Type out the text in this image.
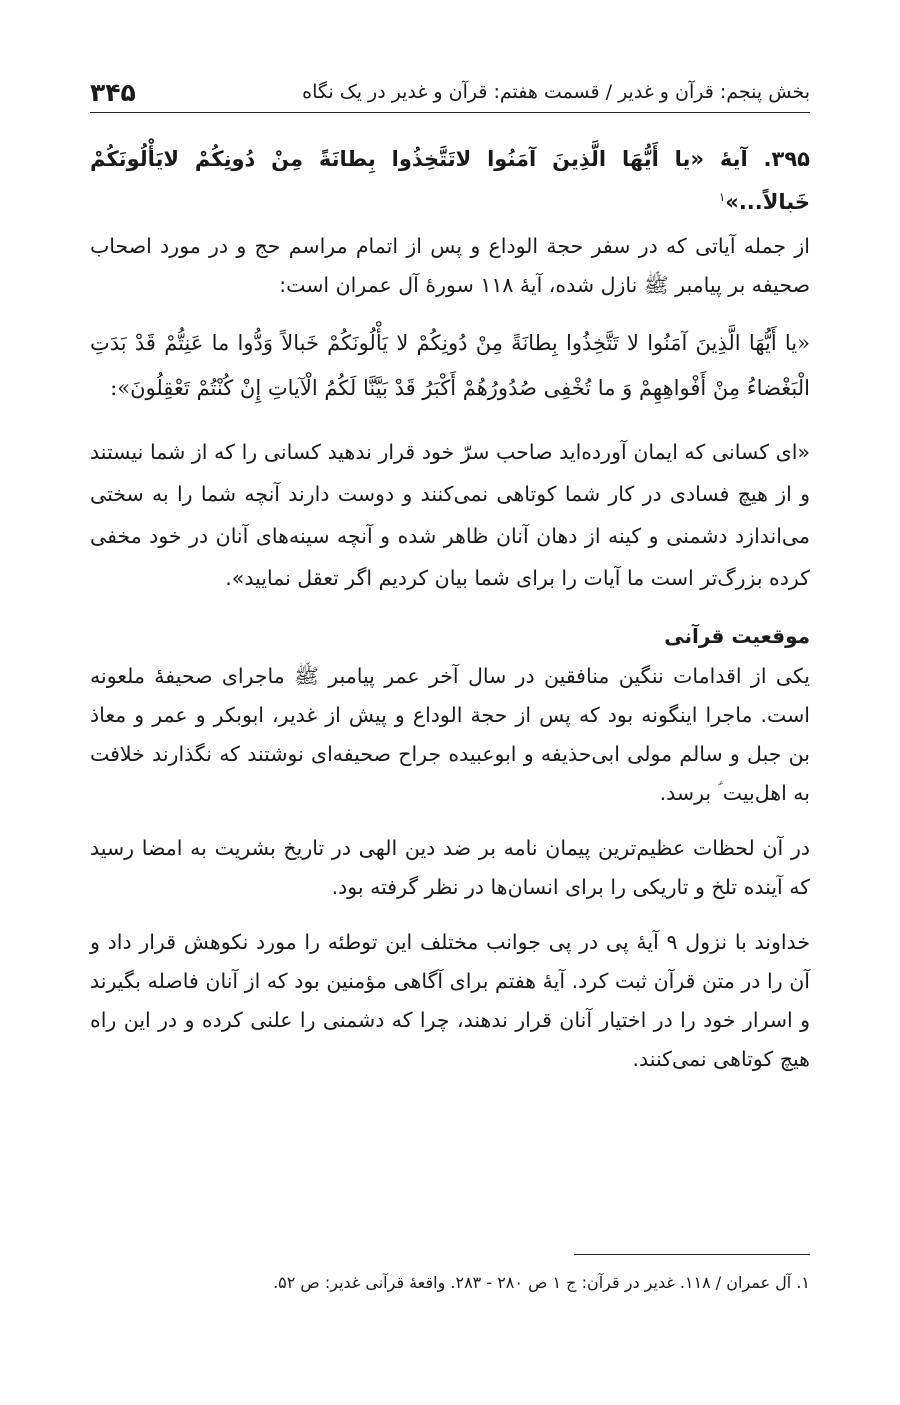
بخش پنجم: قرآن و غدیر / قسمت هفتم: قرآن و غدیر در یک نگاه
۳۴۵
۳۹۵. آیهٔ «یا أَیُّهَا الَّذِینَ آمَنُوا لاتَتَّخِذُوا بِطانَةً مِنْ دُونِكُمْ لایَأْلُونَكُمْ خَبالاً...»$^۱$

از جمله آیاتی که در سفر حجة الوداع و پس از اتمام مراسم حج و در مورد اصحاب صحیفه بر پیامبر ﷺ نازل شده، آیهٔ ۱۱۸ سورهٔ آل عمران است:

«یا أَیُّهَا الَّذِینَ آمَنُوا لا تَتَّخِذُوا بِطانَةً مِنْ دُونِكُمْ لا یَأْلُونَكُمْ خَبالاً وَدُّوا ما عَنِتُّمْ قَدْ بَدَتِ الْبَغْضاءُ مِنْ أَفْواهِهِمْ وَ ما تُخْفِی صُدُورُهُمْ أَكْبَرُ قَدْ بَیَّنَّا لَكُمُ الْآیاتِ إِنْ كُنْتُمْ تَعْقِلُونَ»:

«ای کسانی که ایمان آورده‌اید صاحب سرّ خود قرار ندهید کسانی را که از شما نیستند و از هیچ فسادی در کار شما کوتاهی نمی‌کنند و دوست دارند آنچه شما را به سختی می‌اندازد دشمنی و کینه از دهان آنان ظاهر شده و آنچه سینه‌های آنان در خود مخفی کرده بزرگ‌تر است ما آیات را برای شما بیان کردیم اگر تعقل نمایید».

موقعیت قرآنی

یکی از اقدامات ننگین منافقین در سال آخر عمر پیامبر ﷺ ماجرای صحیفهٔ ملعونه است. ماجرا اینگونه بود که پس از حجة الوداع و پیش از غدیر، ابوبکر و عمر و معاذ بن جبل و سالم مولی ابی‌حذیفه و ابوعبیده جراح صحیفه‌ای نوشتند که نگذارند خلافت به اهل‌بیت ؑ برسد.

در آن لحظات عظیم‌ترین پیمان نامه بر ضد دین الهی در تاریخ بشریت به امضا رسید که آینده تلخ و تاریکی را برای انسان‌ها در نظر گرفته بود.

خداوند با نزول ۹ آیهٔ پی در پی جوانب مختلف این توطئه را مورد نکوهش قرار داد و آن را در متن قرآن ثبت کرد. آیهٔ هفتم برای آگاهی مؤمنین بود که از آنان فاصله بگیرند و اسرار خود را در اختیار آنان قرار ندهند، چرا که دشمنی را علنی کرده و در این راه هیچ کوتاهی نمی‌کنند.

۱. آل عمران / ۱۱۸. غدیر در قرآن: ج ۱ ص ۲۸۰ - ۲۸۳. واقعهٔ قرآنی غدیر: ص ۵۲.
